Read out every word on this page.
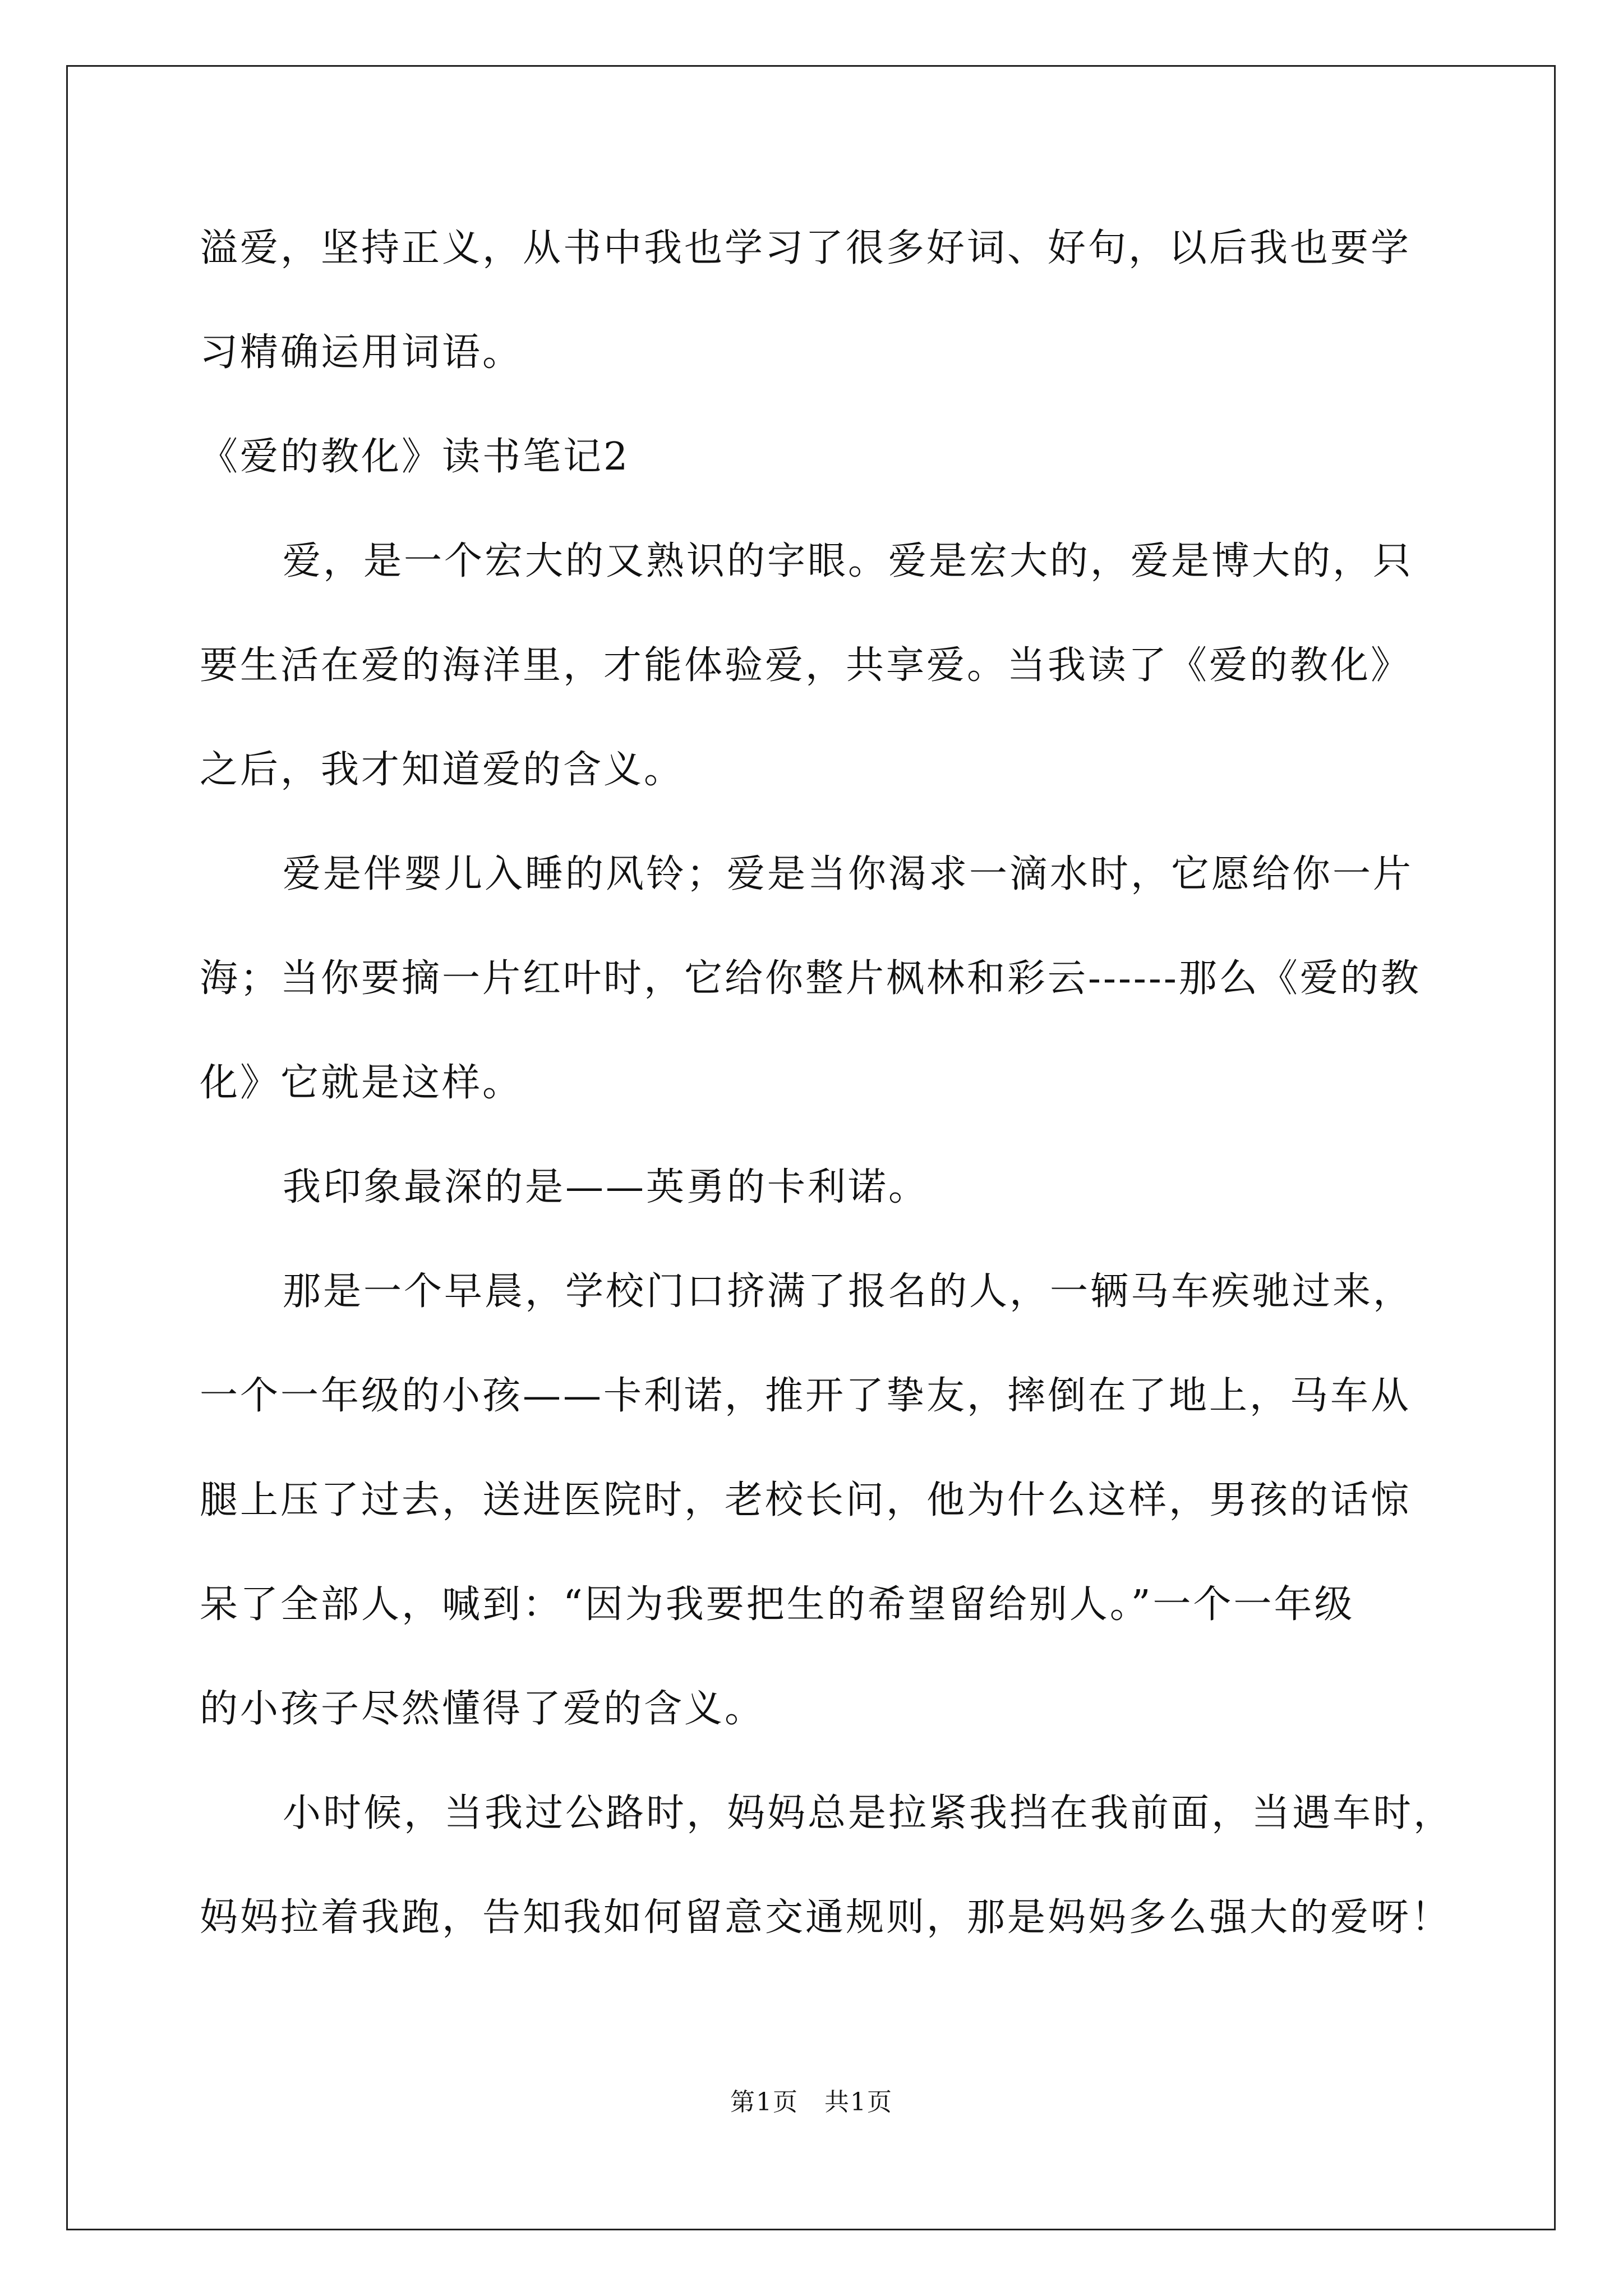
溢爱，坚持正义，从书中我也学习了很多好词、好句，以后我也要学
习精确运用词语。
《爱的教化》读书笔记2
爱，是一个宏大的又熟识的字眼。爱是宏大的，爱是博大的，只
要生活在爱的海洋里，才能体验爱，共享爱。当我读了《爱的教化》
之后，我才知道爱的含义。
爱是伴婴儿入睡的风铃；爱是当你渴求一滴水时，它愿给你一片
海；当你要摘一片红叶时，它给你整片枫林和彩云------那么《爱的教
化》它就是这样。
我印象最深的是——英勇的卡利诺。
那是一个早晨，学校门口挤满了报名的人，一辆马车疾驰过来，
一个一年级的小孩——卡利诺，推开了挚友，摔倒在了地上，马车从
腿上压了过去，送进医院时，老校长问，他为什么这样，男孩的话惊
呆了全部人，喊到：“因为我要把生的希望留给别人。”一个一年级
的小孩子尽然懂得了爱的含义。
小时候，当我过公路时，妈妈总是拉紧我挡在我前面，当遇车时，
妈妈拉着我跑，告知我如何留意交通规则，那是妈妈多么强大的爱呀！
第1页　共1页
